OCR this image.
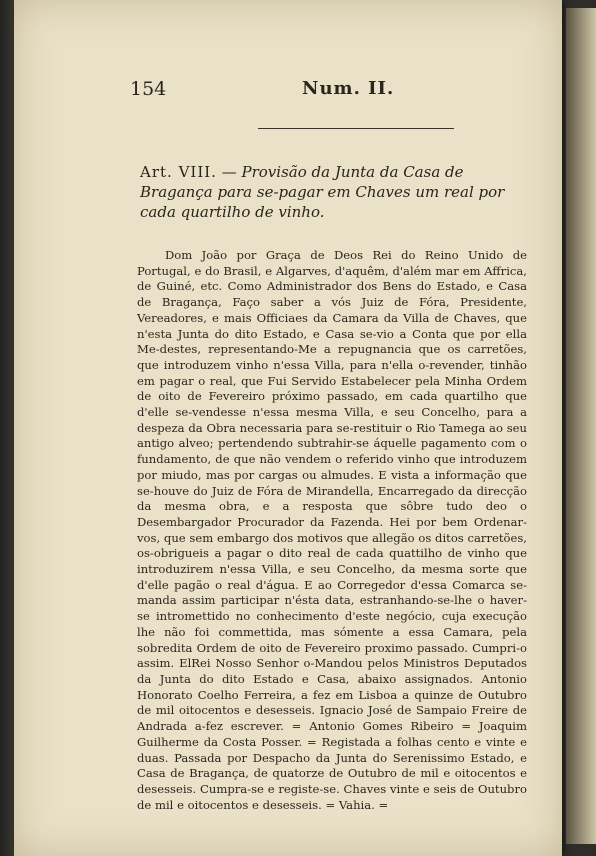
154	Num. II.
Art. VIII. — Provisão da Junta da Casa de Bragança para se-pagar em Chaves um real por cada quartilho de vinho.
Dom João por Graça de Deos Rei do Reino Unido de Portugal, e do Brasil, e Algarves, d'aquêm, d'além mar em Affrica, de Guiné, etc. Como Administrador dos Bens do Estado, e Casa de Bragança, Faço saber a vós Juiz de Fóra, Presidente, Vereadores, e mais Officiaes da Camara da Villa de Chaves, que n'esta Junta do dito Estado, e Casa se-vio a Conta que por ella Me-destes, representando-Me a repugnancia que os carretões, que introduzem vinho n'essa Villa, para n'ella o-revender, tinhão em pagar o real, que Fui Servido Estabelecer pela Minha Ordem de oito de Fevereiro próximo passado, em cada quartilho que d'elle se-vendesse n'essa mesma Villa, e seu Concelho, para a despeza da Obra necessaria para se-restituir o Rio Tamega ao seu antigo alveo; pertendendo subtrahir-se áquelle pagamento com o fundamento, de que não vendem o referido vinho que introduzem por miudo, mas por cargas ou almudes. E vista a informação que se-houve do Juiz de Fóra de Mirandella, Encarregado da direcção da mesma obra, e a resposta que sôbre tudo deo o Desembargador Procurador da Fazenda. Hei por bem Ordenar-vos, que sem embargo dos motivos que allegão os ditos carretões, os-obrigueis a pagar o dito real de cada quattilho de vinho que introduzirem n'essa Villa, e seu Concelho, da mesma sorte que d'elle pagão o real d'água. E ao Corregedor d'essa Comarca se-manda assim participar n'ésta data, estranhando-se-lhe o haver-se intromettido no conhecimento d'este negócio, cuja execução lhe não foi commettida, mas sómente a essa Camara, pela sobredita Ordem de oito de Fevereiro proximo passado. Cumpri-o assim. ElRei Nosso Senhor o-Mandou pelos Ministros Deputados da Junta do dito Estado e Casa, abaixo assignados. Antonio Honorato Coelho Ferreira, a fez em Lisboa a quinze de Outubro de mil oitocentos e desesseis. Ignacio José de Sampaio Freire de Andrada a-fez escrever. = Antonio Gomes Ribeiro = Joaquim Guilherme da Costa Posser. = Registada a folhas cento e vinte e duas. Passada por Despacho da Junta do Serenissimo Estado, e Casa de Bragança, de quatorze de Outubro de mil e oitocentos e desesseis. Cumpra-se e registe-se. Chaves vinte e seis de Outubro de mil e oitocentos e desesseis. = Vahia. =
